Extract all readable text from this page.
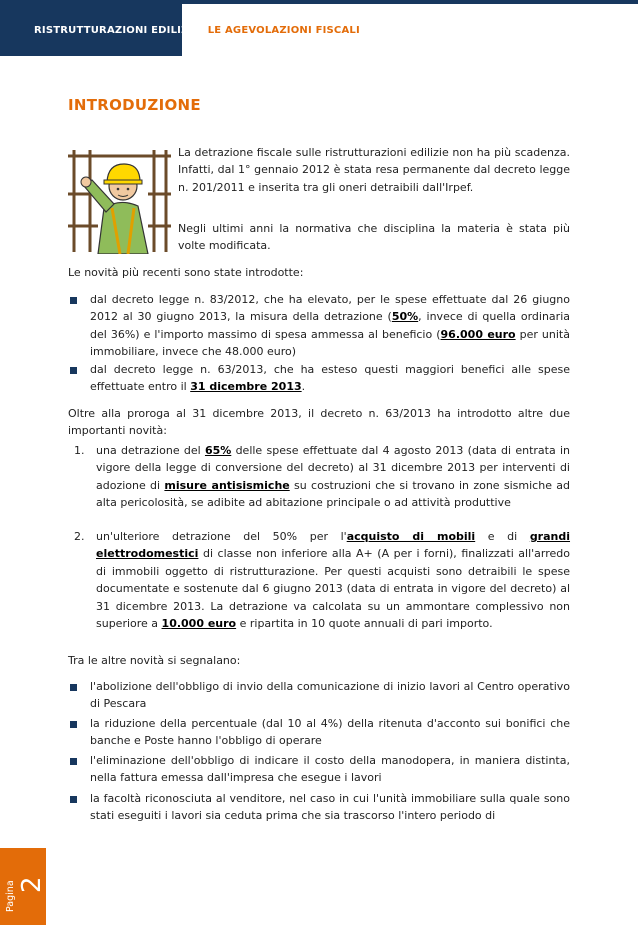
RISTRUTTURAZIONI EDILIZIE: LE AGEVOLAZIONI FISCALI
INTRODUZIONE

La detrazione fiscale sulle ristrutturazioni edilizie non ha più scadenza. Infatti, dal 1° gennaio 2012 è stata resa permanente dal decreto legge n. 201/2011 e inserita tra gli oneri detraibili dall'Irpef.

Negli ultimi anni la normativa che disciplina la materia è stata più volte modificata.

Le novità più recenti sono state introdotte:

dal decreto legge n. 83/2012, che ha elevato, per le spese effettuate dal 26 giugno 2012 al 30 giugno 2013, la misura della detrazione (50%, invece di quella ordinaria del 36%) e l'importo massimo di spesa ammessa al beneficio (96.000 euro per unità immobiliare, invece che 48.000 euro)

dal decreto legge n. 63/2013, che ha esteso questi maggiori benefici alle spese effettuate entro il 31 dicembre 2013.

Oltre alla proroga al 31 dicembre 2013, il decreto n. 63/2013 ha introdotto altre due importanti novità:

1. una detrazione del 65% delle spese effettuate dal 4 agosto 2013 (data di entrata in vigore della legge di conversione del decreto) al 31 dicembre 2013 per interventi di adozione di misure antisismiche su costruzioni che si trovano in zone sismiche ad alta pericolosità, se adibite ad abitazione principale o ad attività produttive

2. un'ulteriore detrazione del 50% per l'acquisto di mobili e di grandi elettrodomestici di classe non inferiore alla A+ (A per i forni), finalizzati all'arredo di immobili oggetto di ristrutturazione. Per questi acquisti sono detraibili le spese documentate e sostenute dal 6 giugno 2013 (data di entrata in vigore del decreto) al 31 dicembre 2013. La detrazione va calcolata su un ammontare complessivo non superiore a 10.000 euro e ripartita in 10 quote annuali di pari importo.

Tra le altre novità si segnalano:

l'abolizione dell'obbligo di invio della comunicazione di inizio lavori al Centro operativo di Pescara

la riduzione della percentuale (dal 10 al 4%) della ritenuta d'acconto sui bonifici che banche e Poste hanno l'obbligo di operare

l'eliminazione dell'obbligo di indicare il costo della manodopera, in maniera distinta, nella fattura emessa dall'impresa che esegue i lavori

la facoltà riconosciuta al venditore, nel caso in cui l'unità immobiliare sulla quale sono stati eseguiti i lavori sia ceduta prima che sia trascorso l'intero periodo di

Pagina 2
